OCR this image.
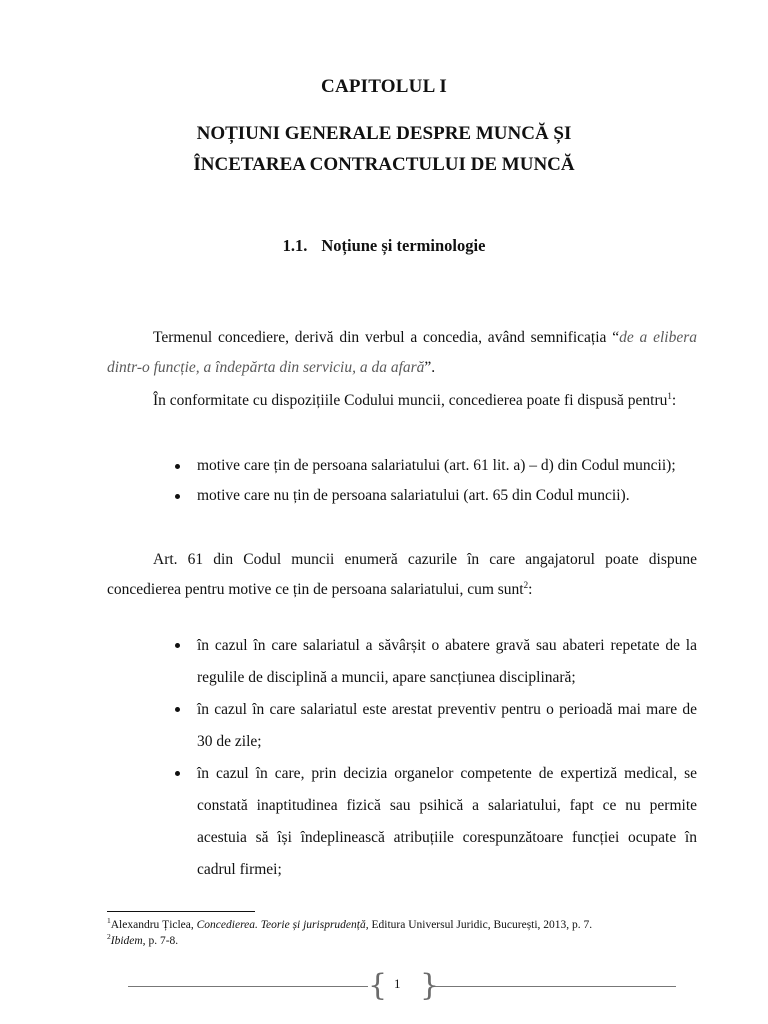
CAPITOLUL I
NOȚIUNI GENERALE DESPRE MUNCĂ ȘI
ÎNCETAREA CONTRACTULUI DE MUNCĂ
1.1. Noțiune și terminologie

Termenul concediere, derivă din verbul a concedia, având semnificația “de a elibera dintr-o funcție, a îndepărta din serviciu, a da afară”.

În conformitate cu dispozițiile Codului muncii, concedierea poate fi dispusă pentru$^1$:

motive care țin de persoana salariatului (art. 61 lit. a) – d) din Codul muncii);
motive care nu țin de persoana salariatului (art. 65 din Codul muncii).

Art. 61 din Codul muncii enumeră cazurile în care angajatorul poate dispune concedierea pentru motive ce țin de persoana salariatului, cum sunt$^2$:

în cazul în care salariatul a săvârșit o abatere gravă sau abateri repetate de la regulile de disciplină a muncii, apare sancțiunea disciplinară;
în cazul în care salariatul este arestat preventiv pentru o perioadă mai mare de 30 de zile;
în cazul în care, prin decizia organelor competente de expertiză medical, se constată inaptitudinea fizică sau psihică a salariatului, fapt ce nu permite acestuia să își îndeplinească atribuțiile corespunzătoare funcției ocupate în cadrul firmei;
$^1$Alexandru Țiclea, Concedierea. Teorie și jurisprudență, Editura Universul Juridic, București, 2013, p. 7.
$^2$Ibidem, p. 7-8.
{ }
1
